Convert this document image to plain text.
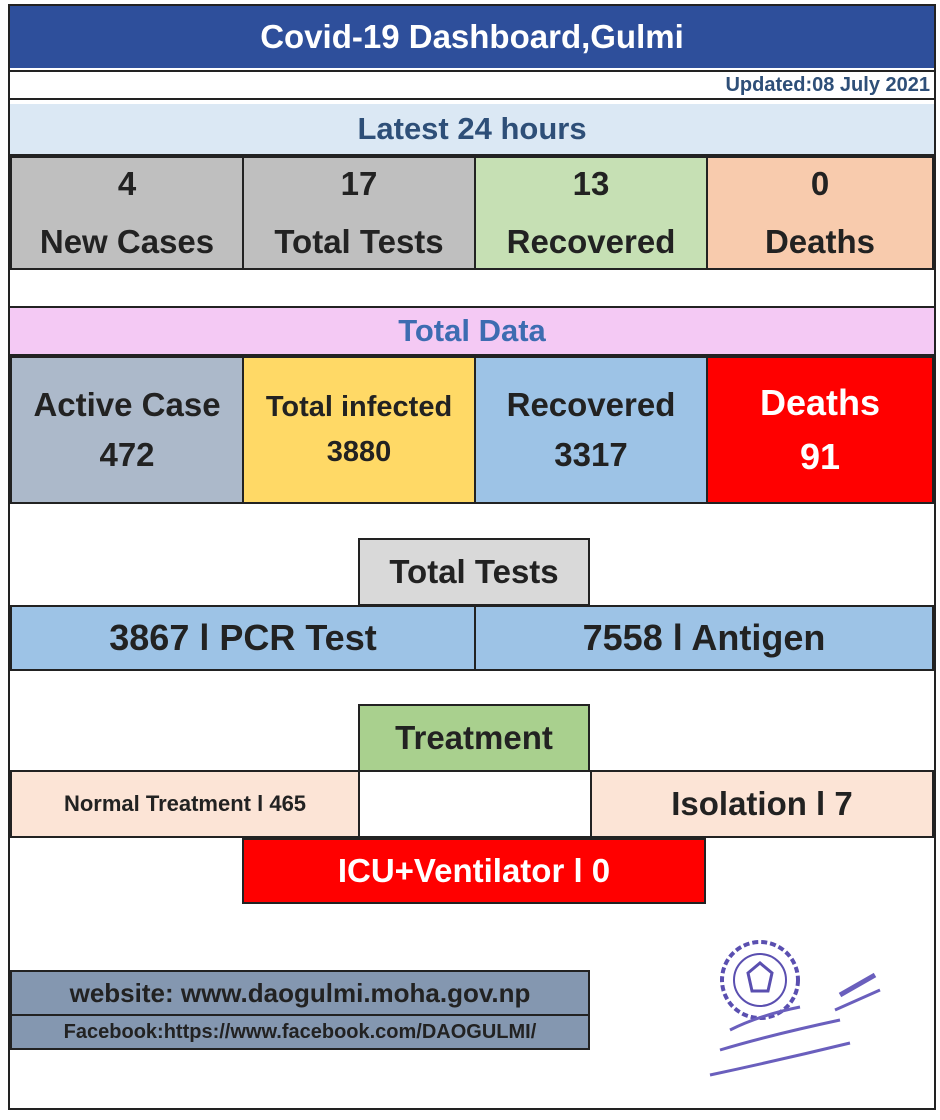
Covid-19 Dashboard,Gulmi
Updated:08 July 2021
Latest 24 hours
4
New Cases
17
Total Tests
13
Recovered
0
Deaths
Total Data
Active Case
472
Total infected
3880
Recovered
3317
Deaths
91
Total Tests
3867 l PCR Test	7558 l Antigen
Treatment
Normal Treatment l 465	Isolation l 7
ICU+Ventilator l 0
website: www.daogulmi.moha.gov.np
Facebook:https://www.facebook.com/DAOGULMI/
